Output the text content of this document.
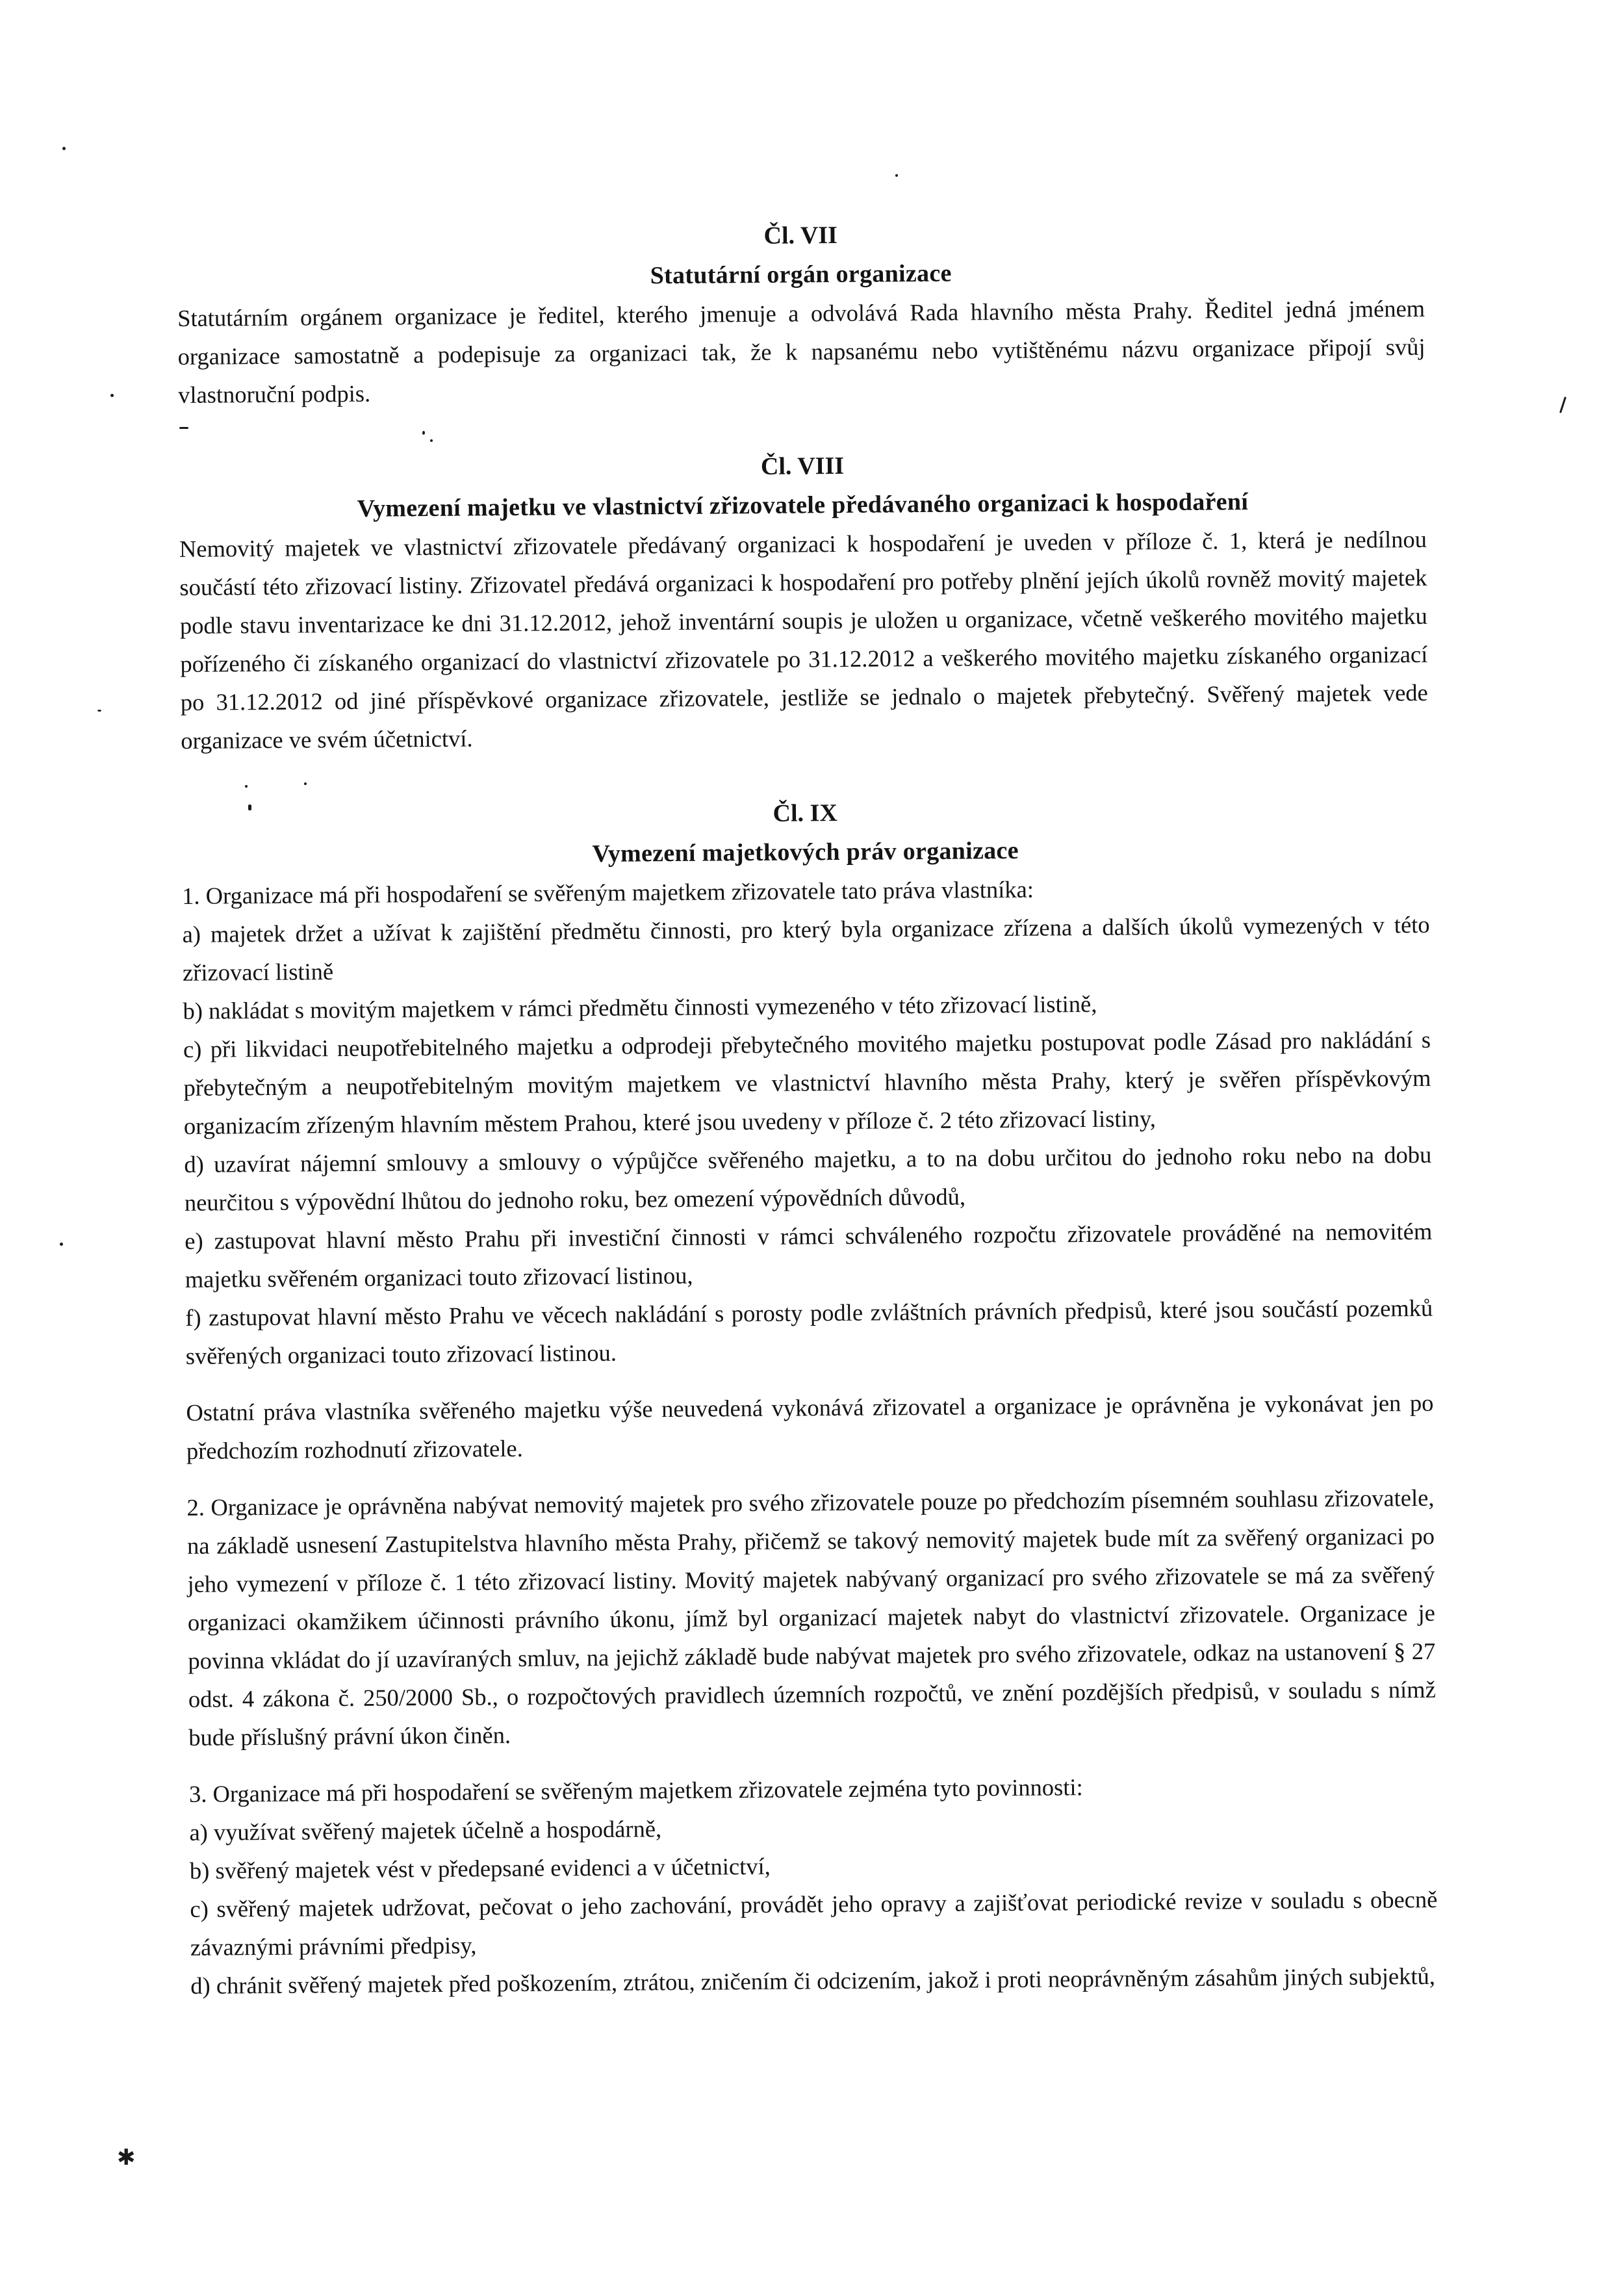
✱
Čl. VII
Statutární orgán organizace

Statutárním orgánem organizace je ředitel, kterého jmenuje a odvolává Rada hlavního města Prahy. Ředitel jedná jménem organizace samostatně a podepisuje za organizaci tak, že k napsanému nebo vytištěnému názvu organizace připojí svůj vlastnoruční podpis.

Čl. VIII
Vymezení majetku ve vlastnictví zřizovatele předávaného organizaci k hospodaření

Nemovitý majetek ve vlastnictví zřizovatele předávaný organizaci k hospodaření je uveden v příloze č. 1, která je nedílnou součástí této zřizovací listiny. Zřizovatel předává organizaci k hospodaření pro potřeby plnění jejích úkolů rovněž movitý majetek podle stavu inventarizace ke dni 31.12.2012, jehož inventární soupis je uložen u organizace, včetně veškerého movitého majetku pořízeného či získaného organizací do vlastnictví zřizovatele po 31.12.2012 a veškerého movitého majetku získaného organizací po 31.12.2012 od jiné příspěvkové organizace zřizovatele, jestliže se jednalo o majetek přebytečný. Svěřený majetek vede organizace ve svém účetnictví.

Čl. IX
Vymezení majetkových práv organizace

1. Organizace má při hospodaření se svěřeným majetkem zřizovatele tato práva vlastníka:

a) majetek držet a užívat k zajištění předmětu činnosti, pro který byla organizace zřízena a dalších úkolů vymezených v této zřizovací listině

b) nakládat s movitým majetkem v rámci předmětu činnosti vymezeného v této zřizovací listině,

c) při likvidaci neupotřebitelného majetku a odprodeji přebytečného movitého majetku postupovat podle Zásad pro nakládání s přebytečným a neupotřebitelným movitým majetkem ve vlastnictví hlavního města Prahy, který je svěřen příspěvkovým organizacím zřízeným hlavním městem Prahou, které jsou uvedeny v příloze č. 2 této zřizovací listiny,

d) uzavírat nájemní smlouvy a smlouvy o výpůjčce svěřeného majetku, a to na dobu určitou do jednoho roku nebo na dobu neurčitou s výpovědní lhůtou do jednoho roku, bez omezení výpovědních důvodů,

e) zastupovat hlavní město Prahu při investiční činnosti v rámci schváleného rozpočtu zřizovatele prováděné na nemovitém majetku svěřeném organizaci touto zřizovací listinou,

f) zastupovat hlavní město Prahu ve věcech nakládání s porosty podle zvláštních právních předpisů, které jsou součástí pozemků svěřených organizaci touto zřizovací listinou.

Ostatní práva vlastníka svěřeného majetku výše neuvedená vykonává zřizovatel a organizace je oprávněna je vykonávat jen po předchozím rozhodnutí zřizovatele.

2. Organizace je oprávněna nabývat nemovitý majetek pro svého zřizovatele pouze po předchozím písemném souhlasu zřizovatele, na základě usnesení Zastupitelstva hlavního města Prahy, přičemž se takový nemovitý majetek bude mít za svěřený organizaci po jeho vymezení v příloze č. 1 této zřizovací listiny. Movitý majetek nabývaný organizací pro svého zřizovatele se má za svěřený organizaci okamžikem účinnosti právního úkonu, jímž byl organizací majetek nabyt do vlastnictví zřizovatele. Organizace je povinna vkládat do jí uzavíraných smluv, na jejichž základě bude nabývat majetek pro svého zřizovatele, odkaz na ustanovení § 27 odst. 4 zákona č. 250/2000 Sb., o rozpočtových pravidlech územních rozpočtů, ve znění pozdějších předpisů, v souladu s nímž bude příslušný právní úkon činěn.

3. Organizace má při hospodaření se svěřeným majetkem zřizovatele zejména tyto povinnosti:

a) využívat svěřený majetek účelně a hospodárně,

b) svěřený majetek vést v předepsané evidenci a v účetnictví,

c) svěřený majetek udržovat, pečovat o jeho zachování, provádět jeho opravy a zajišťovat periodické revize v souladu s obecně závaznými právními předpisy,

d) chránit svěřený majetek před poškozením, ztrátou, zničením či odcizením, jakož i proti neoprávněným zásahům jiných subjektů,
